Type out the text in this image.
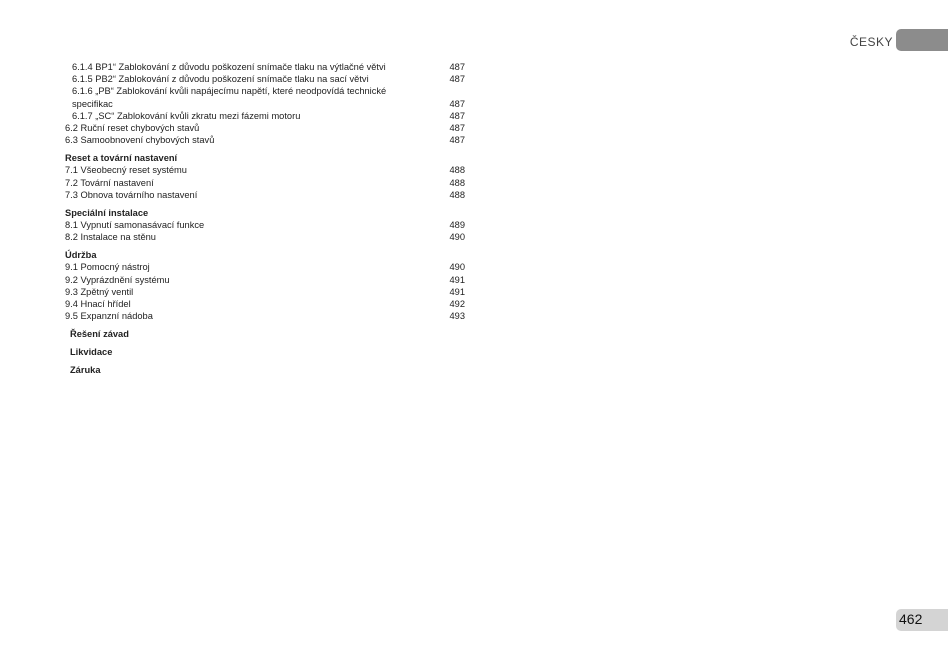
ČESKY
6.1.4 BP1“ Zablokování z důvodu poškození snímače tlaku na výtlačné větvi	487
6.1.5 PB2“ Zablokování z důvodu poškození snímače tlaku na sací větvi	487
6.1.6 „PB“ Zablokování kvůli napájecímu napětí, které neodpovídá technické
specifikac	487
6.1.7 „SC“ Zablokování kvůli zkratu mezi fázemi motoru	487
6.2 Ruční reset chybových stavů	487
6.3 Samoobnovení chybových stavů	487
Reset a tovární nastavení
7.1 Všeobecný reset systému	488
7.2 Tovární nastavení	488
7.3 Obnova továrního nastavení	488
Speciální instalace
8.1 Vypnutí samonasávací funkce	489
8.2 Instalace na stěnu	490
Údržba
9.1 Pomocný nástroj	490
9.2 Vyprázdnění systému	491
9.3 Zpětný ventil	491
9.4 Hnací hřídel	492
9.5 Expanzní nádoba	493
Řešení závad
Likvidace
Záruka
462
